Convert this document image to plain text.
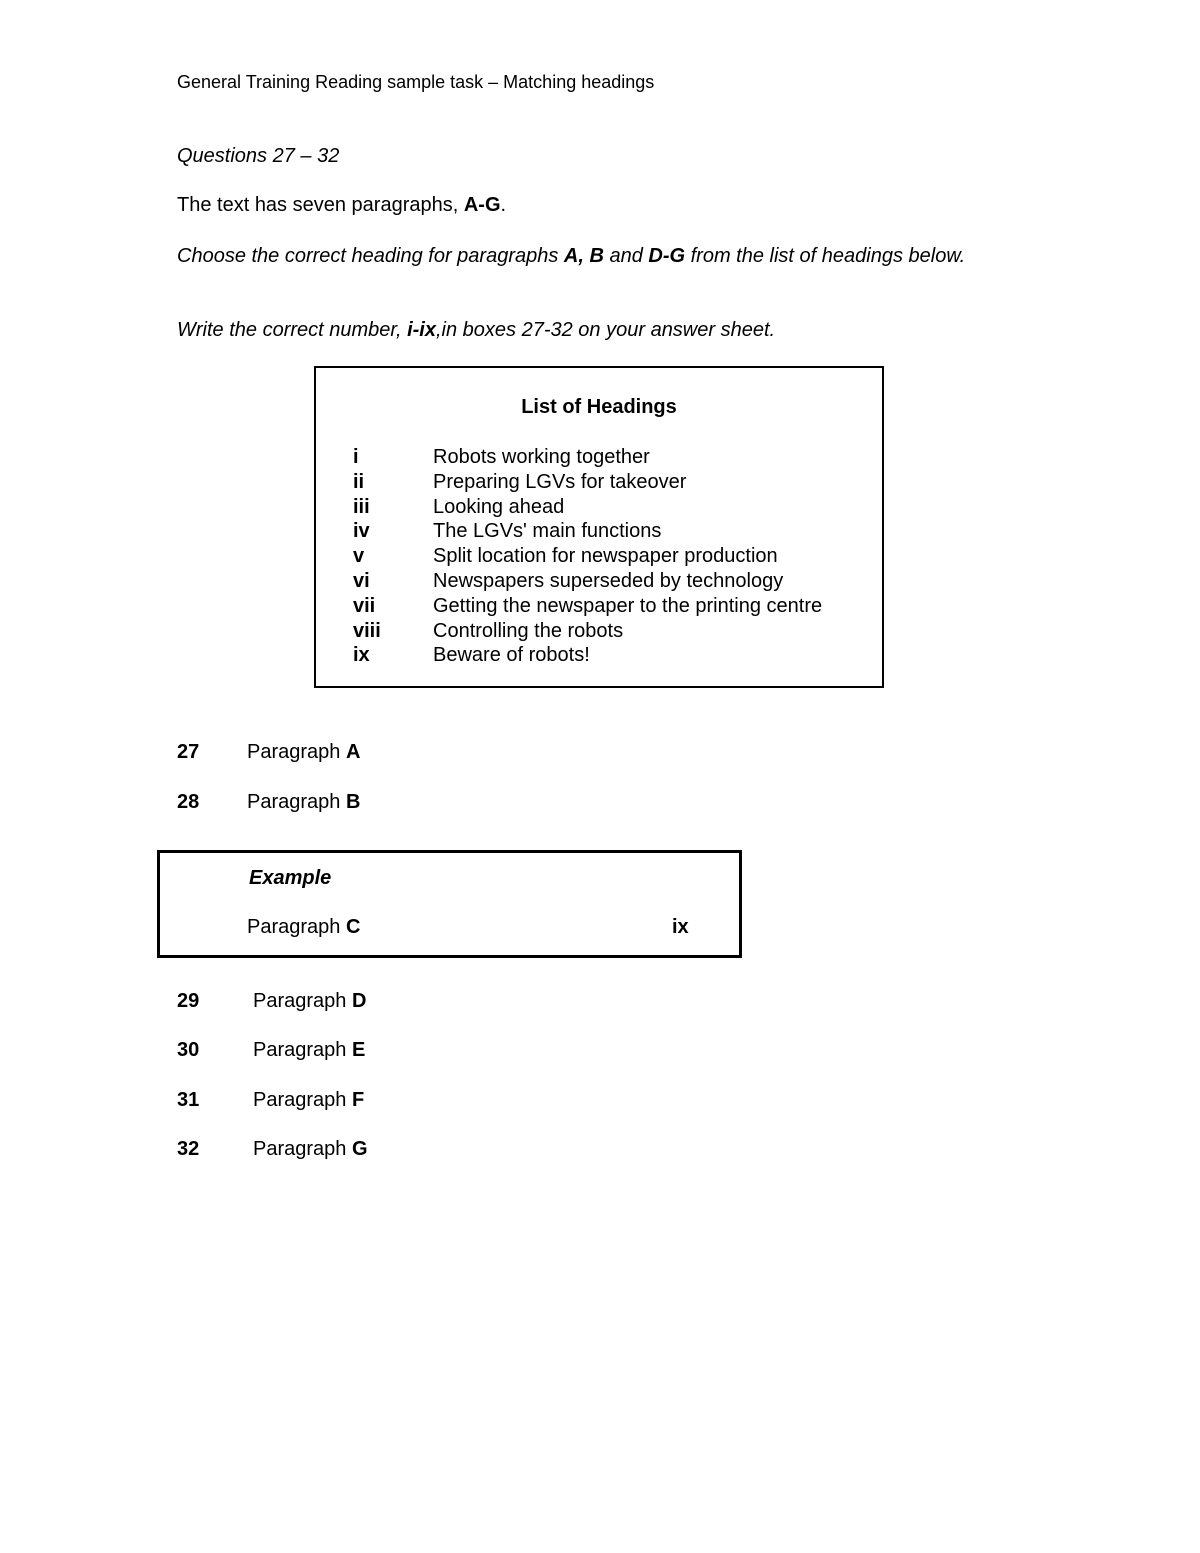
General Training Reading sample task – Matching headings
Questions 27 – 32
The text has seven paragraphs, A-G.
Choose the correct heading for paragraphs A, B and D-G from the list of headings below.
Write the correct number, i-ix,in boxes 27-32 on your answer sheet.
List of Headings
i	Robots working together
ii	Preparing LGVs for takeover
iii	Looking ahead
iv	The LGVs' main functions
v	Split location for newspaper production
vi	Newspapers superseded by technology
vii	Getting the newspaper to the printing centre
viii	Controlling the robots
ix	Beware of robots!
27 Paragraph A
28 Paragraph B
Example
Paragraph C	ix
29	Paragraph D
30	Paragraph E
31	Paragraph F
32	Paragraph G
